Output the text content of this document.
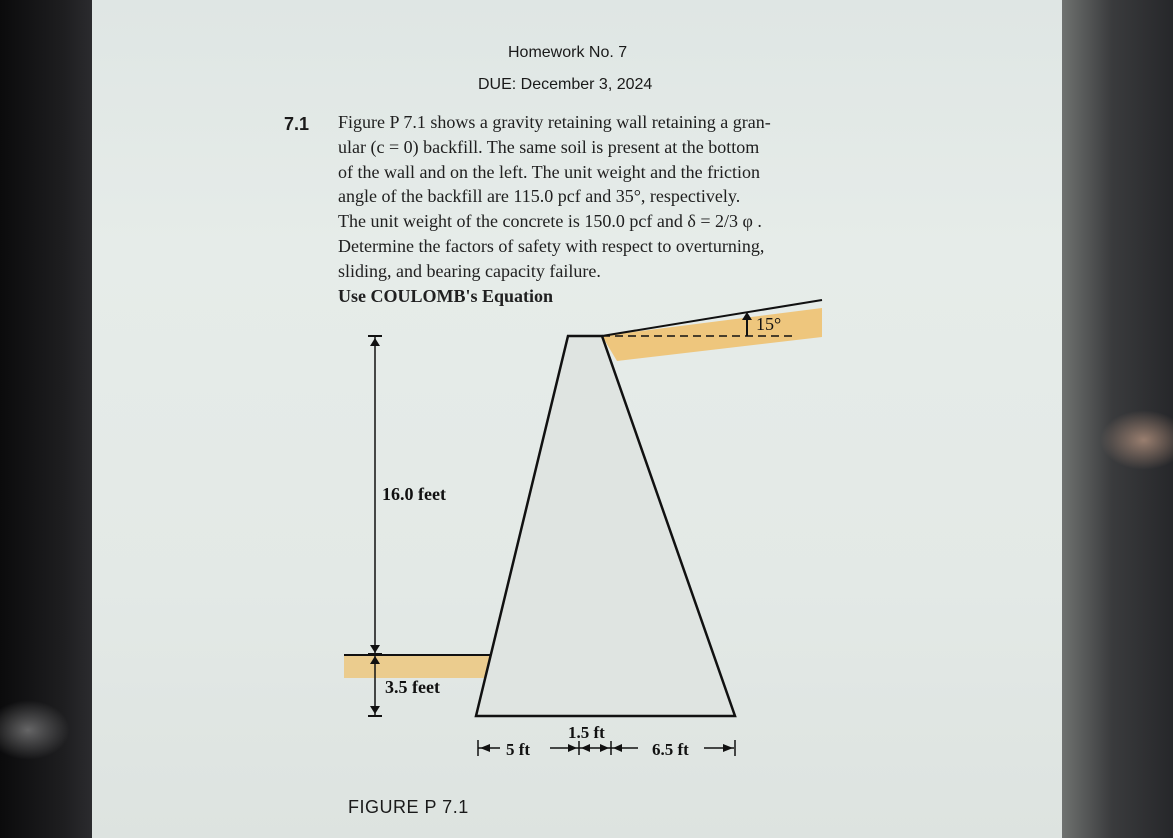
Homework No. 7
DUE: December 3, 2024
7.1 Figure P 7.1 shows a gravity retaining wall retaining a gran-
ular (c = 0) backfill. The same soil is present at the bottom
of the wall and on the left. The unit weight and the friction
angle of the backfill are 115.0 pcf and 35°, respectively.
The unit weight of the concrete is 150.0 pcf and δ = 2/3 φ .
Determine the factors of safety with respect to overturning,
sliding, and bearing capacity failure.
Use COULOMB's Equation
15°
16.0 feet
3.5 feet
5 ft
1.5 ft
6.5 ft
FIGURE P 7.1
